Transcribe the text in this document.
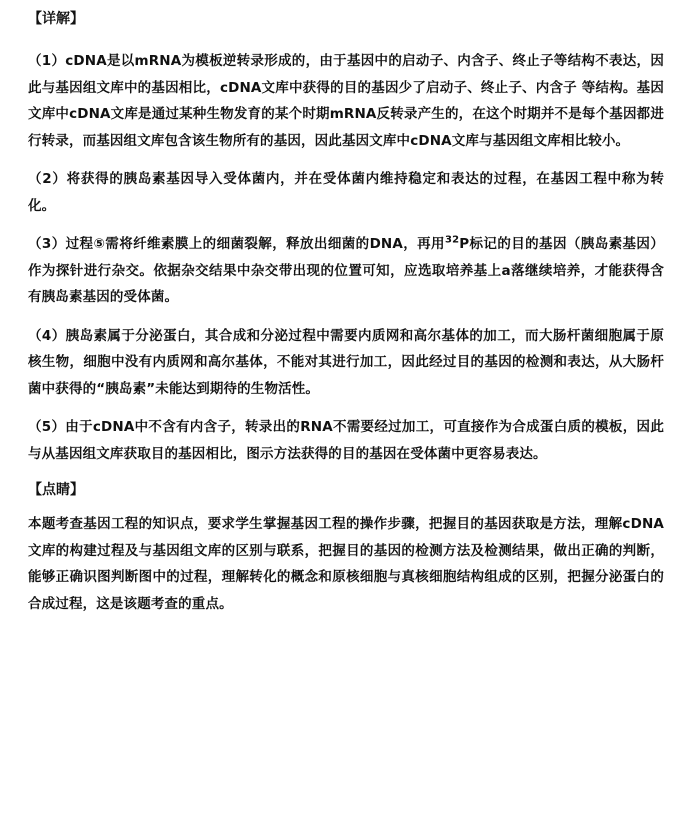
【详解】

（1）cDNA是以mRNA为模板逆转录形成的，由于基因中的启动子、内含子、终止子等结构不表达，因此与基因组文库中的基因相比，cDNA文库中获得的目的基因少了启动子、终止子、内含子 等结构。基因文库中cDNA文库是通过某种生物发育的某个时期mRNA反转录产生的，在这个时期并不是每个基因都进行转录，而基因组文库包含该生物所有的基因，因此基因文库中cDNA文库与基因组文库相比较小。

（2）将获得的胰岛素基因导入受体菌内，并在受体菌内维持稳定和表达的过程，在基因工程中称为转化。

（3）过程⑤需将纤维素膜上的细菌裂解，释放出细菌的DNA，再用$^{32}$P标记的目的基因（胰岛素基因）作为探针进行杂交。依据杂交结果中杂交带出现的位置可知，应选取培养基上a落继续培养，才能获得含有胰岛素基因的受体菌。

（4）胰岛素属于分泌蛋白，其合成和分泌过程中需要内质网和高尔基体的加工，而大肠杆菌细胞属于原核生物，细胞中没有内质网和高尔基体，不能对其进行加工，因此经过目的基因的检测和表达，从大肠杆菌中获得的“胰岛素”未能达到期待的生物活性。

（5）由于cDNA中不含有内含子，转录出的RNA不需要经过加工，可直接作为合成蛋白质的模板，因此与从基因组文库获取目的基因相比，图示方法获得的目的基因在受体菌中更容易表达。

【点睛】

本题考查基因工程的知识点，要求学生掌握基因工程的操作步骤，把握目的基因获取是方法，理解cDNA文库的构建过程及与基因组文库的区别与联系，把握目的基因的检测方法及检测结果，做出正确的判断，能够正确识图判断图中的过程，理解转化的概念和原核细胞与真核细胞结构组成的区别，把握分泌蛋白的合成过程，这是该题考查的重点。
